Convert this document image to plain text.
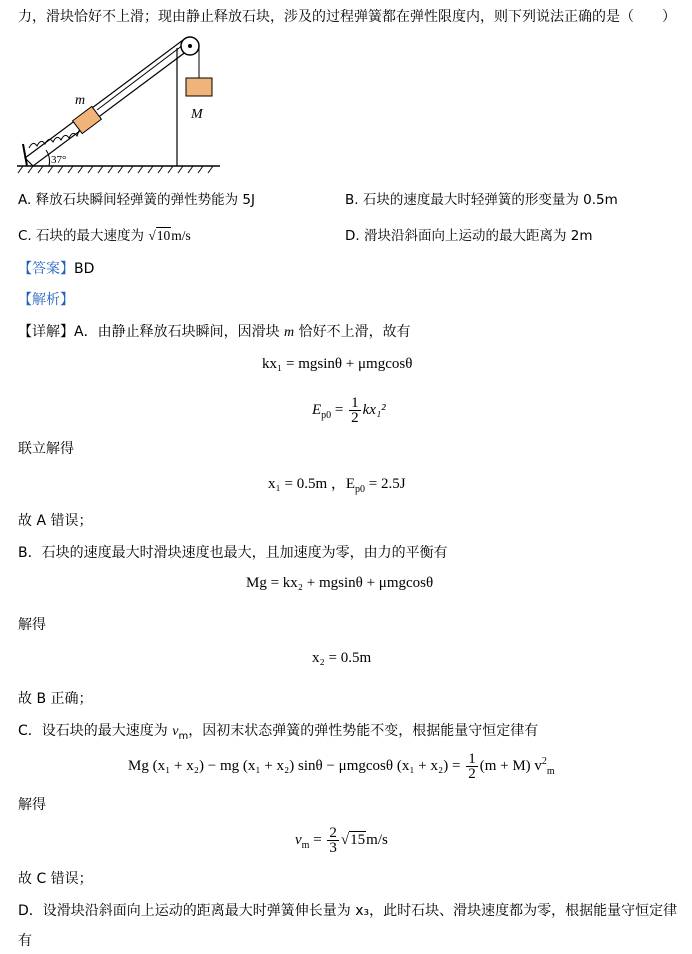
力，滑块恰好不上滑；现由静止释放石块，涉及的过程弹簧都在弹性限度内，则下列说法正确的是（　　）
m
M
37°
A. 释放石块瞬间轻弹簧的弹性势能为 5J	B. 石块的速度最大时轻弹簧的形变量为 0.5m
C. 石块的最大速度为 √10m/s	D. 滑块沿斜面向上运动的最大距离为 2m
【答案】BD
【解析】
【详解】A．由静止释放石块瞬间，因滑块 m 恰好不上滑，故有
kx₁ = mgsinθ + μmgcosθ
$E_{p0} = \frac{1}{2} kx_1^2$
联立解得
x₁ = 0.5m ，$E_{p0} = 2.5J$
故 A 错误；
B．石块的速度最大时滑块速度也最大，且加速度为零，由力的平衡有
Mg = kx₂ + mgsinθ + μmgcosθ
解得
x₂ = 0.5m
故 B 正确；
C．设石块的最大速度为 $v_m$，因初末状态弹簧的弹性势能不变，根据能量守恒定律有
Mg (x₁ + x₂) − mg (x₁ + x₂) sinθ − μmgcosθ $(x_1 + x_2) = \frac{1}{2} (m + M)$ $v^2_m$
解得
$v_m = \frac{2}{3} √15m/s$
故 C 错误；
D．设滑块沿斜面向上运动的距离最大时弹簧伸长量为 x₃，此时石块、滑块速度都为零，根据能量守恒定律
有
